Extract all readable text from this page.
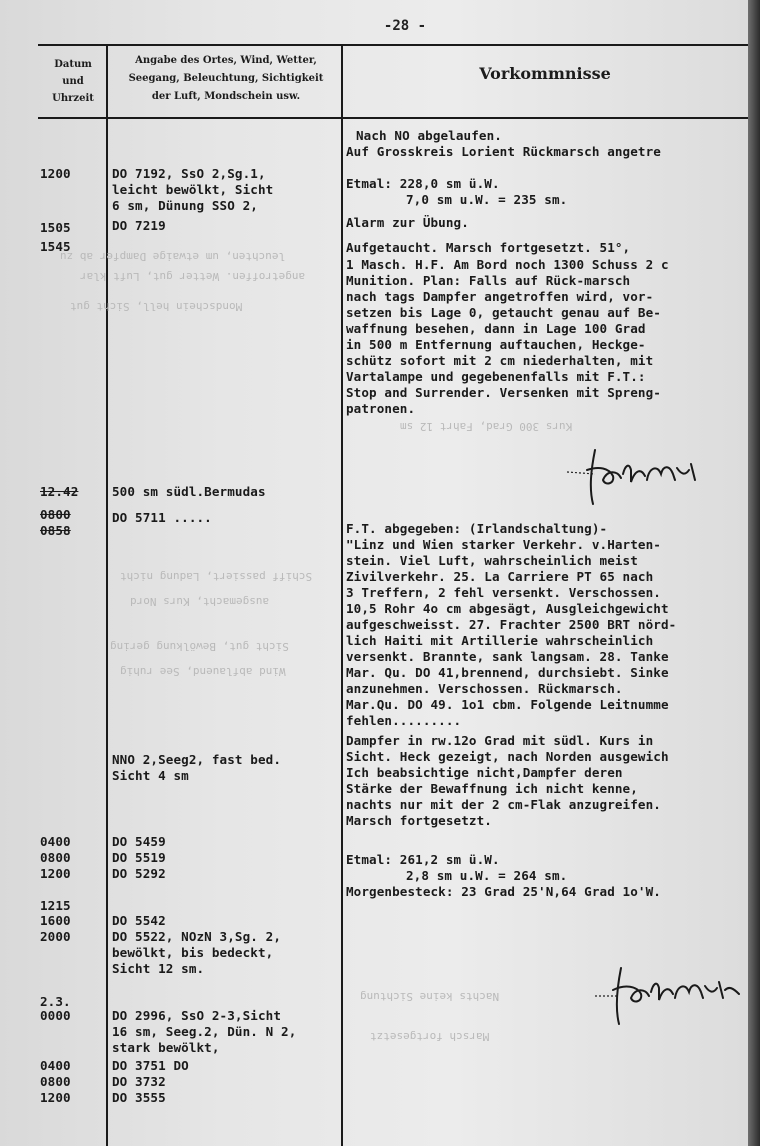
-28 -
Datum
und
Uhrzeit
Angabe des Ortes, Wind, Wetter,
Seegang, Beleuchtung, Sichtigkeit
der Luft, Mondschein usw.
Vorkommnisse
leuchten, um etwaige Dampfer ab zu
angetroffen. Wetter gut, Luft klar
Mondschein hell, Sicht gut
Kurs 300 Grad, Fahrt 12 sm
Schiff passiert, Ladung nicht
ausgemacht, Kurs Nord
Sicht gut, Bewölkung gering
Wind abflauend, See ruhig
Nachts keine Sichtung
Marsch fortgesetzt
1200
1505
1545
12.42
0800
0858
0400
0800
1200
1215
1600
2000
2.3.
0000
0400
0800
1200
DO 7192, SsO 2,Sg.1,
leicht bewölkt, Sicht
6 sm, Dünung SSO 2,
DO 7219
500 sm südl.Bermudas
DO 5711 .....
NNO 2,Seeg2, fast bed.
Sicht 4 sm
DO 5459
DO 5519
DO 5292
DO 5542
DO 5522, NOzN 3,Sg. 2,
bewölkt, bis bedeckt,
Sicht 12 sm.
DO 2996, SsO 2-3,Sicht
16 sm, Seeg.2, Dün. N 2,
stark bewölkt,
DO 3751 DO
DO 3732
DO 3555
Nach NO abgelaufen.
Auf Grosskreis Lorient Rückmarsch angetre
Etmal: 228,0 sm ü.W.
7,0 sm u.W. = 235 sm.
Alarm zur Übung.
Aufgetaucht. Marsch fortgesetzt. 51°,
1 Masch. H.F. Am Bord noch 1300 Schuss 2 c
Munition. Plan: Falls auf Rück-marsch
nach tags Dampfer angetroffen wird, vor-
setzen bis Lage 0, getaucht genau auf Be-
waffnung besehen, dann in Lage 100 Grad
in 500 m Entfernung auftauchen, Heckge-
schütz sofort mit 2 cm niederhalten, mit
Vartalampe und gegebenenfalls mit F.T.:
Stop and Surrender. Versenken mit Spreng-
patronen.
F.T. abgegeben: (Irlandschaltung)-
"Linz und Wien starker Verkehr. v.Harten-
stein. Viel Luft, wahrscheinlich meist
Zivilverkehr. 25. La Carriere PT 65 nach
3 Treffern, 2 fehl versenkt. Verschossen.
10,5 Rohr 4o cm abgesägt, Ausgleichgewicht
aufgeschweisst. 27. Frachter 2500 BRT nörd-
lich Haiti mit Artillerie wahrscheinlich
versenkt. Brannte, sank langsam. 28. Tanke
Mar. Qu. DO 41,brennend, durchsiebt. Sinke
anzunehmen. Verschossen. Rückmarsch.
Mar.Qu. DO 49. 1o1 cbm. Folgende Leitnumme
fehlen.........
Dampfer in rw.12o Grad mit südl. Kurs in
Sicht. Heck gezeigt, nach Norden ausgewich
Ich beabsichtige nicht,Dampfer deren
Stärke der Bewaffnung ich nicht kenne,
nachts nur mit der 2 cm-Flak anzugreifen.
Marsch fortgesetzt.
Etmal: 261,2 sm ü.W.
2,8 sm u.W. = 264 sm.
Morgenbesteck: 23 Grad 25'N,64 Grad 1o'W.
